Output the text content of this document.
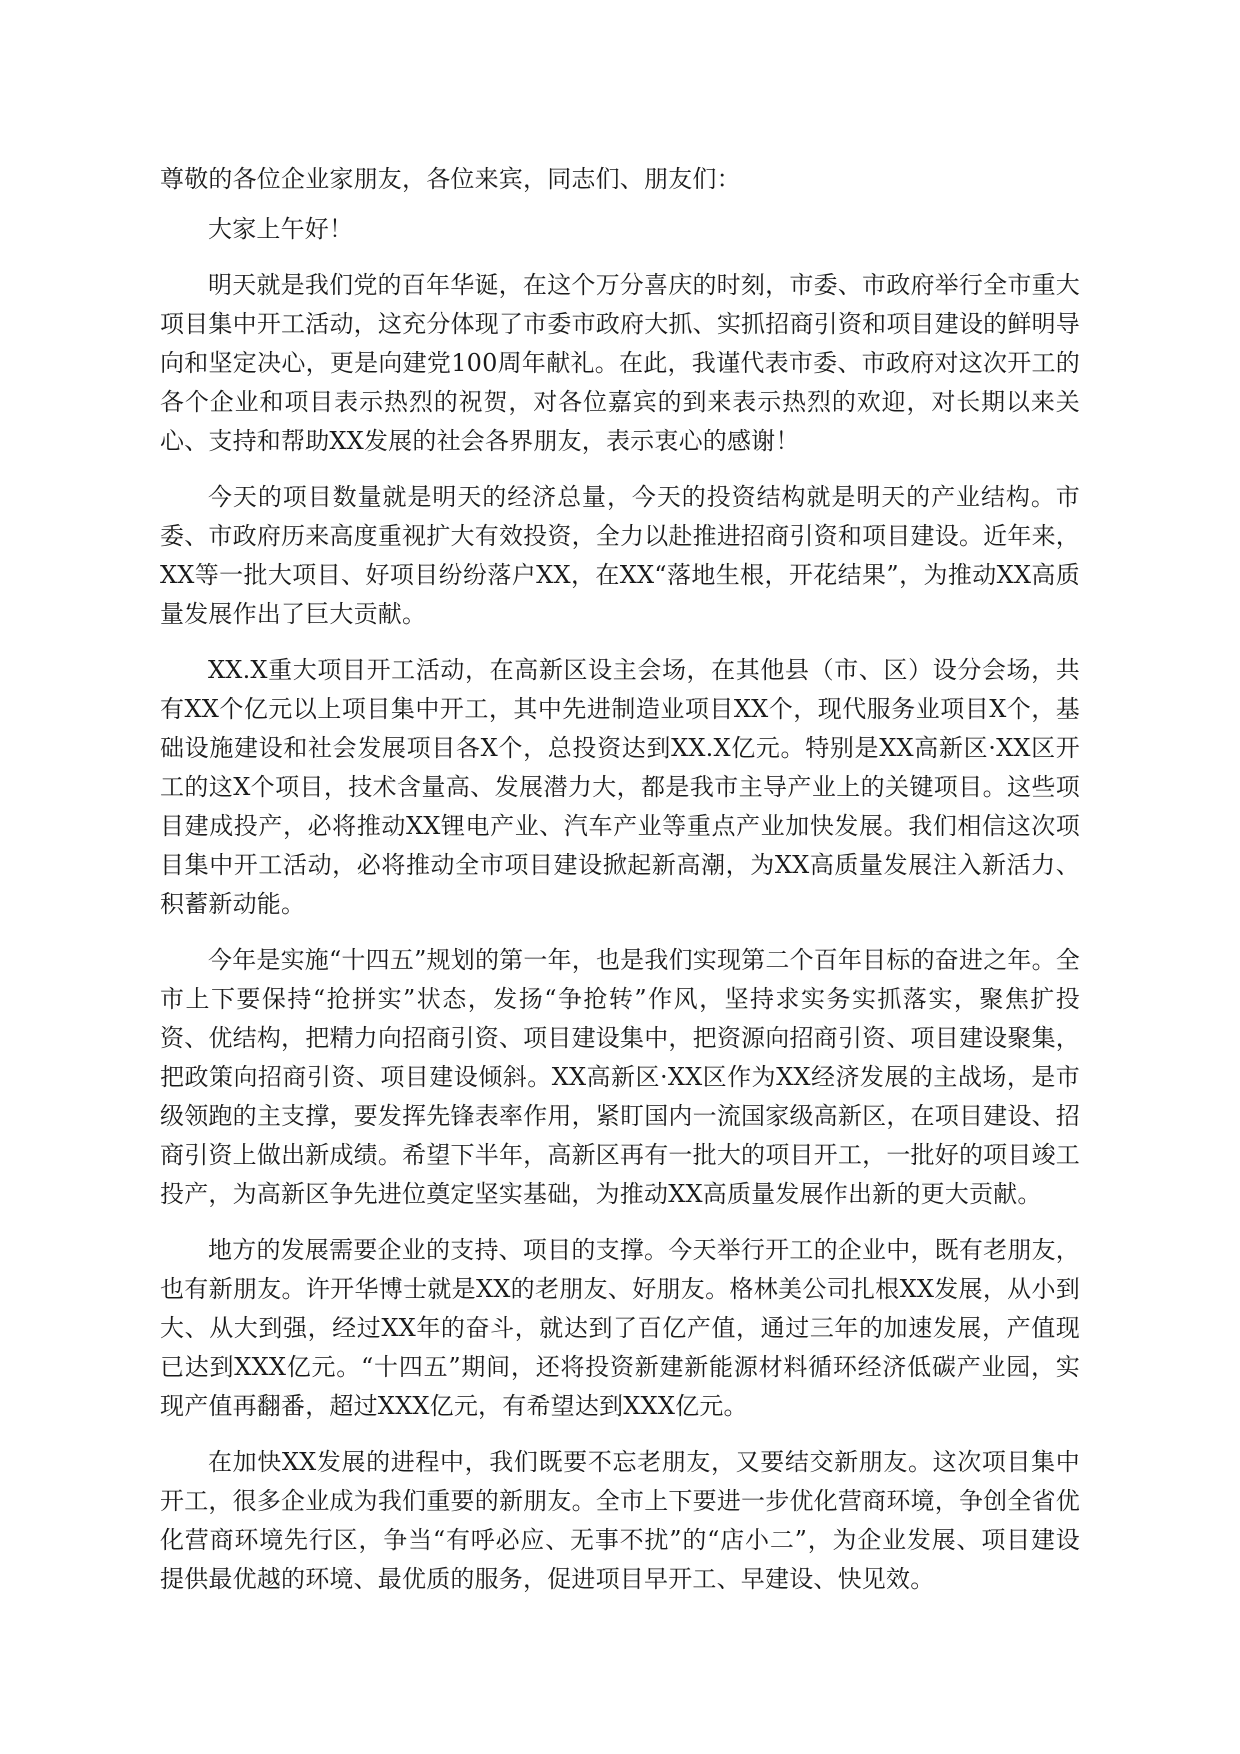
尊敬的各位企业家朋友，各位来宾，同志们、朋友们：

大家上午好！

明天就是我们党的百年华诞，在这个万分喜庆的时刻，市委、市政府举行全市重大项目集中开工活动，这充分体现了市委市政府大抓、实抓招商引资和项目建设的鲜明导向和坚定决心，更是向建党100周年献礼。在此，我谨代表市委、市政府对这次开工的各个企业和项目表示热烈的祝贺，对各位嘉宾的到来表示热烈的欢迎，对长期以来关心、支持和帮助XX发展的社会各界朋友，表示衷心的感谢！

今天的项目数量就是明天的经济总量，今天的投资结构就是明天的产业结构。市委、市政府历来高度重视扩大有效投资，全力以赴推进招商引资和项目建设。近年来，XX等一批大项目、好项目纷纷落户XX，在XX“落地生根，开花结果”，为推动XX高质量发展作出了巨大贡献。

XX.X重大项目开工活动，在高新区设主会场，在其他县（市、区）设分会场，共有XX个亿元以上项目集中开工，其中先进制造业项目XX个，现代服务业项目X个，基础设施建设和社会发展项目各X个，总投资达到XX.X亿元。特别是XX高新区·XX区开工的这X个项目，技术含量高、发展潜力大，都是我市主导产业上的关键项目。这些项目建成投产，必将推动XX锂电产业、汽车产业等重点产业加快发展。我们相信这次项目集中开工活动，必将推动全市项目建设掀起新高潮，为XX高质量发展注入新活力、积蓄新动能。

今年是实施“十四五”规划的第一年，也是我们实现第二个百年目标的奋进之年。全市上下要保持“抢拼实”状态，发扬“争抢转”作风，坚持求实务实抓落实，聚焦扩投资、优结构，把精力向招商引资、项目建设集中，把资源向招商引资、项目建设聚集，把政策向招商引资、项目建设倾斜。XX高新区·XX区作为XX经济发展的主战场，是市级领跑的主支撑，要发挥先锋表率作用，紧盯国内一流国家级高新区，在项目建设、招商引资上做出新成绩。希望下半年，高新区再有一批大的项目开工，一批好的项目竣工投产，为高新区争先进位奠定坚实基础，为推动XX高质量发展作出新的更大贡献。

地方的发展需要企业的支持、项目的支撑。今天举行开工的企业中，既有老朋友，也有新朋友。许开华博士就是XX的老朋友、好朋友。格林美公司扎根XX发展，从小到大、从大到强，经过XX年的奋斗，就达到了百亿产值，通过三年的加速发展，产值现已达到XXX亿元。“十四五”期间，还将投资新建新能源材料循环经济低碳产业园，实现产值再翻番，超过XXX亿元，有希望达到XXX亿元。

在加快XX发展的进程中，我们既要不忘老朋友，又要结交新朋友。这次项目集中开工，很多企业成为我们重要的新朋友。全市上下要进一步优化营商环境，争创全省优化营商环境先行区，争当“有呼必应、无事不扰”的“店小二”，为企业发展、项目建设提供最优越的环境、最优质的服务，促进项目早开工、早建设、快见效。
